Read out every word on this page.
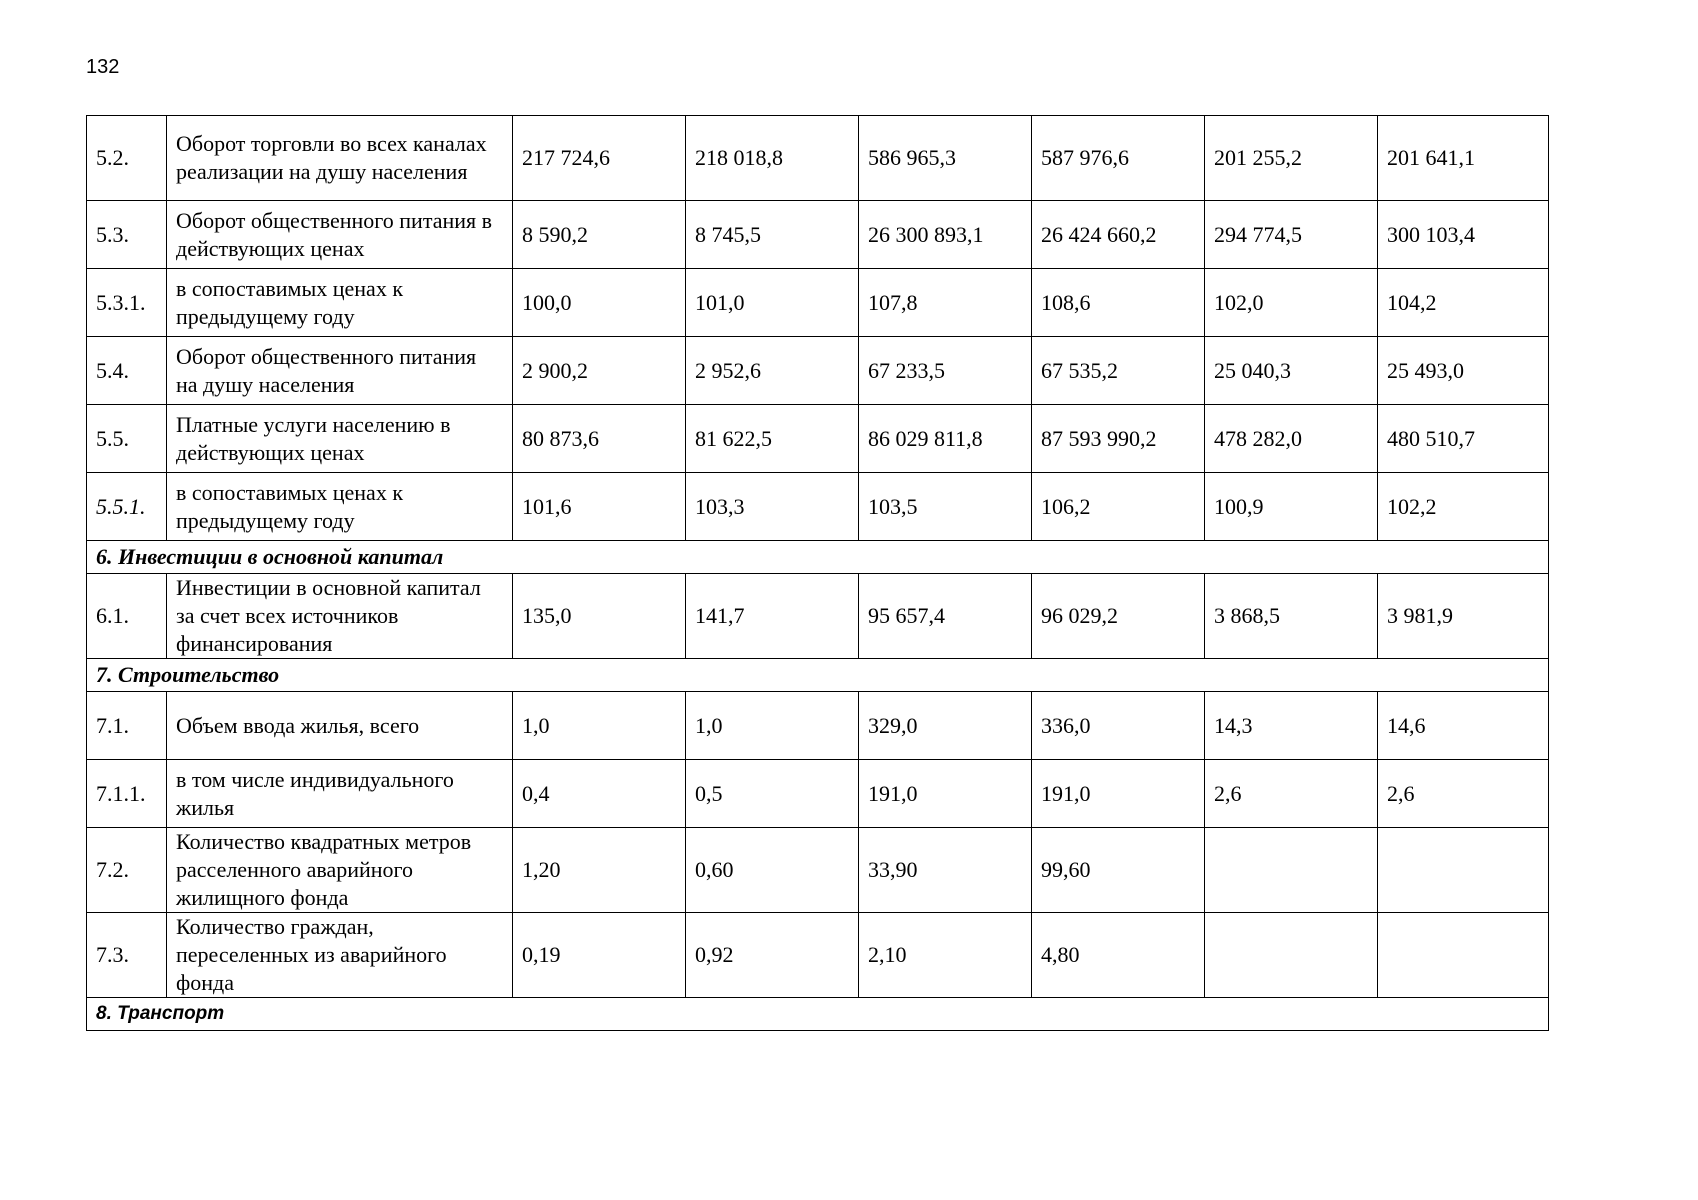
132
5.2.	Оборот торговли во всех каналах реализации на душу населения	217 724,6	218 018,8	586 965,3	587 976,6	201 255,2	201 641,1
5.3.	Оборот общественного питания в действующих ценах	8 590,2	8 745,5	26 300 893,1	26 424 660,2	294 774,5	300 103,4
5.3.1.	в сопоставимых ценах к предыдущему году	100,0	101,0	107,8	108,6	102,0	104,2
5.4.	Оборот общественного питания на душу населения	2 900,2	2 952,6	67 233,5	67 535,2	25 040,3	25 493,0
5.5.	Платные услуги населению в действующих ценах	80 873,6	81 622,5	86 029 811,8	87 593 990,2	478 282,0	480 510,7
5.5.1.	в сопоставимых ценах к предыдущему году	101,6	103,3	103,5	106,2	100,9	102,2
6. Инвестиции в основной капитал							
6.1.	Инвестиции в основной капитал за счет всех источников финансирования	135,0	141,7	95 657,4	96 029,2	3 868,5	3 981,9
7. Строительство							
7.1.	Объем ввода жилья, всего	1,0	1,0	329,0	336,0	14,3	14,6
7.1.1.	в том числе индивидуального жилья	0,4	0,5	191,0	191,0	2,6	2,6
7.2.	Количество квадратных метров расселенного аварийного жилищного фонда	1,20	0,60	33,90	99,60		
7.3.	Количество граждан, переселенных из аварийного фонда	0,19	0,92	2,10	4,80		
8. Транспорт							
